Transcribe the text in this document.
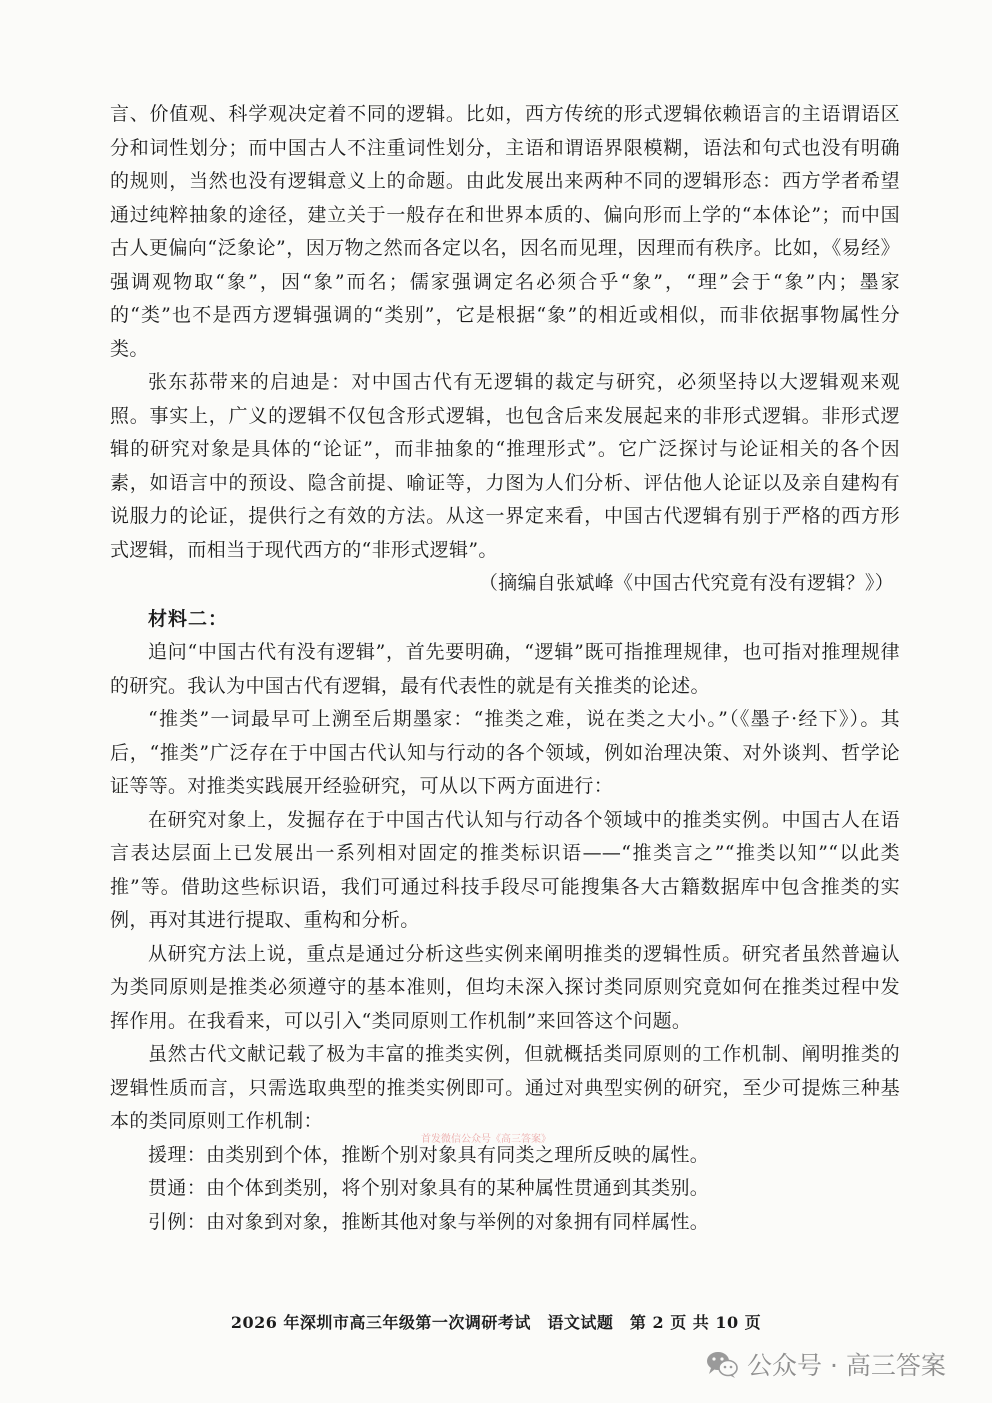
言、价值观、科学观决定着不同的逻辑。比如，西方传统的形式逻辑依赖语言的主语谓语区分和词性划分；而中国古人不注重词性划分，主语和谓语界限模糊，语法和句式也没有明确的规则，当然也没有逻辑意义上的命题。由此发展出来两种不同的逻辑形态：西方学者希望通过纯粹抽象的途径，建立关于一般存在和世界本质的、偏向形而上学的“本体论”；而中国古人更偏向“泛象论”，因万物之然而各定以名，因名而见理，因理而有秩序。比如，《易经》强调观物取“象”，因“象”而名；儒家强调定名必须合乎“象”，“理”会于“象”内；墨家的“类”也不是西方逻辑强调的“类别”，它是根据“象”的相近或相似，而非依据事物属性分类。

张东荪带来的启迪是：对中国古代有无逻辑的裁定与研究，必须坚持以大逻辑观来观照。事实上，广义的逻辑不仅包含形式逻辑，也包含后来发展起来的非形式逻辑。非形式逻辑的研究对象是具体的“论证”，而非抽象的“推理形式”。它广泛探讨与论证相关的各个因素，如语言中的预设、隐含前提、喻证等，力图为人们分析、评估他人论证以及亲自建构有说服力的论证，提供行之有效的方法。从这一界定来看，中国古代逻辑有别于严格的西方形式逻辑，而相当于现代西方的“非形式逻辑”。

（摘编自张斌峰《中国古代究竟有没有逻辑？》）

材料二：

追问“中国古代有没有逻辑”，首先要明确，“逻辑”既可指推理规律，也可指对推理规律的研究。我认为中国古代有逻辑，最有代表性的就是有关推类的论述。

“推类”一词最早可上溯至后期墨家：“推类之难，说在类之大小。”（《墨子·经下》）。其后，“推类”广泛存在于中国古代认知与行动的各个领域，例如治理决策、对外谈判、哲学论证等等。对推类实践展开经验研究，可从以下两方面进行：

在研究对象上，发掘存在于中国古代认知与行动各个领域中的推类实例。中国古人在语言表达层面上已发展出一系列相对固定的推类标识语——“推类言之”“推类以知”“以此类推”等。借助这些标识语，我们可通过科技手段尽可能搜集各大古籍数据库中包含推类的实例，再对其进行提取、重构和分析。

从研究方法上说，重点是通过分析这些实例来阐明推类的逻辑性质。研究者虽然普遍认为类同原则是推类必须遵守的基本准则，但均未深入探讨类同原则究竟如何在推类过程中发挥作用。在我看来，可以引入“类同原则工作机制”来回答这个问题。

虽然古代文献记载了极为丰富的推类实例，但就概括类同原则的工作机制、阐明推类的逻辑性质而言，只需选取典型的推类实例即可。通过对典型实例的研究，至少可提炼三种基本的类同原则工作机制：

援理：由类别到个体，推断个别对象具有同类之理所反映的属性。

贯通：由个体到类别，将个别对象具有的某种属性贯通到其类别。

引例：由对象到对象，推断其他对象与举例的对象拥有同样属性。

首发微信公众号《高三答案》
2026 年深圳市高三年级第一次调研考试　语文试题　第 2 页 共 10 页
公众号 · 高三答案
